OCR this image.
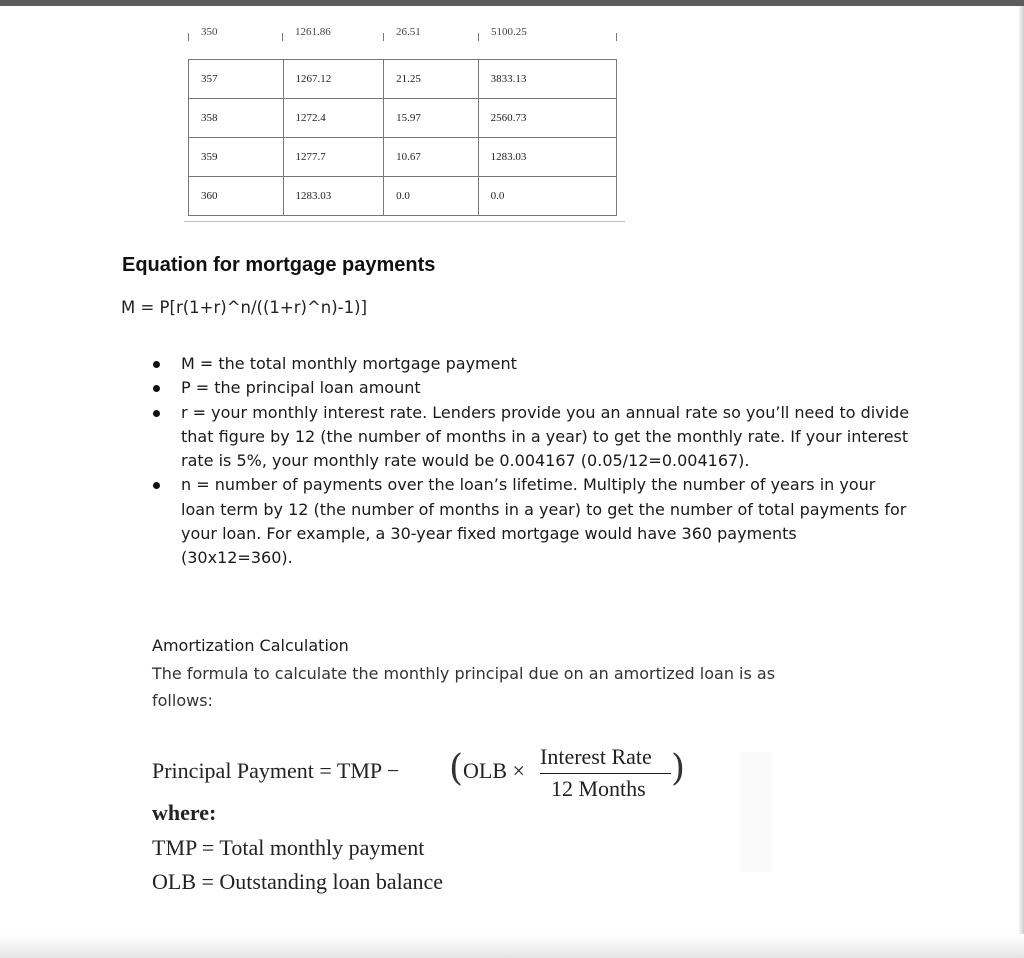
350	1261.86	26.51	5100.25
357	1267.12	21.25	3833.13
358	1272.4	15.97	2560.73
359	1277.7	10.67	1283.03
360	1283.03	0.0	0.0
Equation for mortgage payments
M = P[r(1+r)^n/((1+r)^n)-1)]
M = the total monthly mortgage payment
P = the principal loan amount
r = your monthly interest rate. Lenders provide you an annual rate so you’ll need to divide that figure by 12 (the number of months in a year) to get the monthly rate. If your interest rate is 5%, your monthly rate would be 0.004167 (0.05/12=0.004167).
n = number of payments over the loan’s lifetime. Multiply the number of years in your loan term by 12 (the number of months in a year) to get the number of total payments for your loan. For example, a 30-year fixed mortgage would have 360 payments (30x12=360).
Amortization Calculation
The formula to calculate the monthly principal due on an amortized loan is as follows:
Principal Payment = TMP − ( OLB ×
Interest Rate
12 Months )
where:
TMP = Total monthly payment
OLB = Outstanding loan balance
